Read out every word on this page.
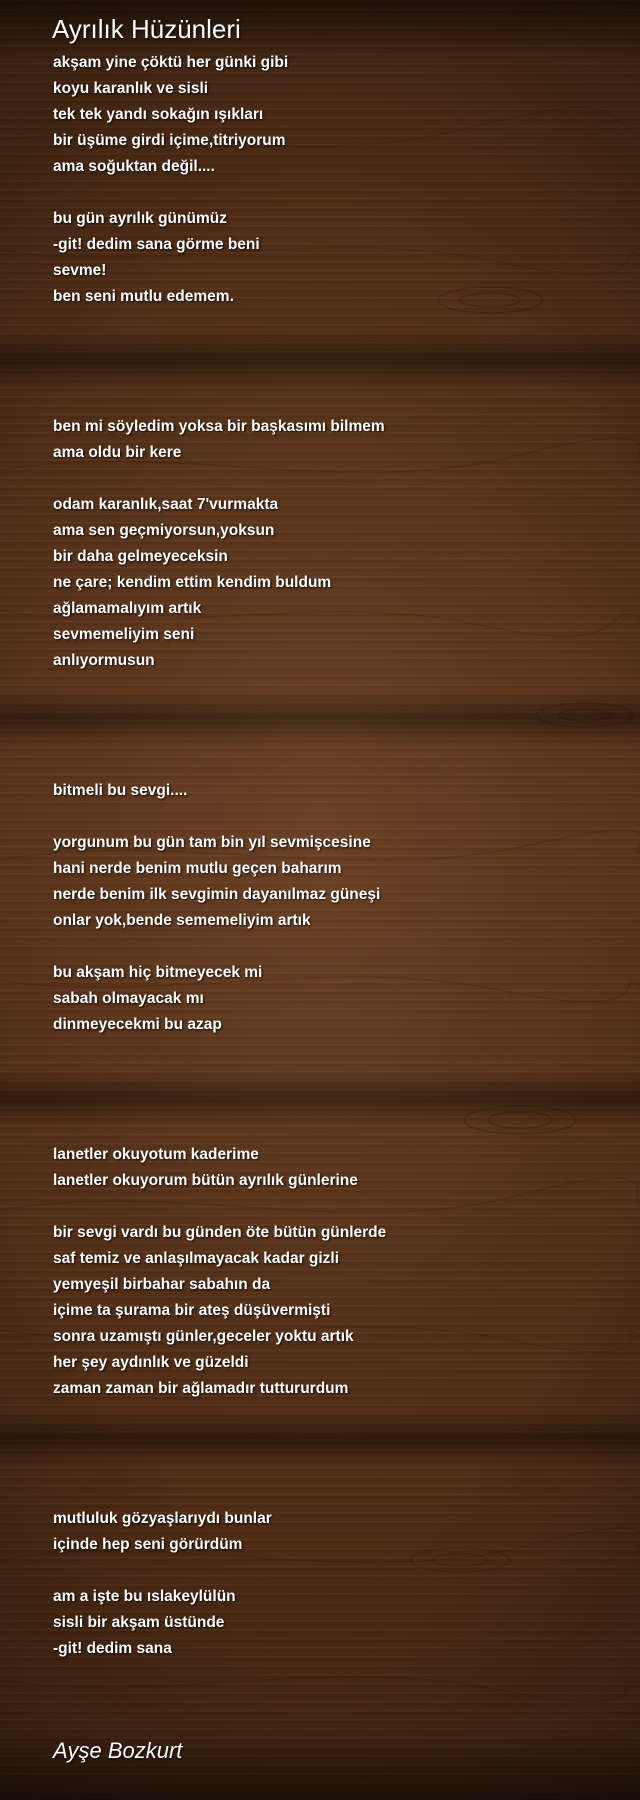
Ayrılık Hüzünleri
akşam yine çöktü her günki gibi
koyu karanlık ve sisli
tek tek yandı sokağın ışıkları
bir üşüme girdi içime,titriyorum
ama soğuktan değil....
bu gün ayrılık günümüz
-git! dedim sana görme beni
sevme!
ben seni mutlu edemem.
ben mi söyledim yoksa bir başkasımı bilmem
ama oldu bir kere
odam karanlık,saat 7'vurmakta
ama sen geçmiyorsun,yoksun
bir daha gelmeyeceksin
ne çare; kendim ettim kendim buldum
ağlamamalıyım artık
sevmemeliyim seni
anlıyormusun
bitmeli bu sevgi....
yorgunum bu gün tam bin yıl sevmişcesine
hani nerde benim mutlu geçen baharım
nerde benim ilk sevgimin dayanılmaz güneşi
onlar yok,bende sememeliyim artık
bu akşam hiç bitmeyecek mi
sabah olmayacak mı
dinmeyecekmi bu azap
lanetler okuyotum kaderime
lanetler okuyorum bütün ayrılık günlerine
bir sevgi vardı bu günden öte bütün günlerde
saf temiz ve anlaşılmayacak kadar gizli
yemyeşil birbahar sabahın da
içime ta şurama bir ateş düşüvermişti
sonra uzamıştı günler,geceler yoktu artık
her şey aydınlık ve güzeldi
zaman zaman bir ağlamadır tuttururdum
mutluluk gözyaşlarıydı bunlar
içinde hep seni görürdüm
am a işte bu ıslakeylülün
sisli bir akşam üstünde
-git! dedim sana
Ayşe Bozkurt
